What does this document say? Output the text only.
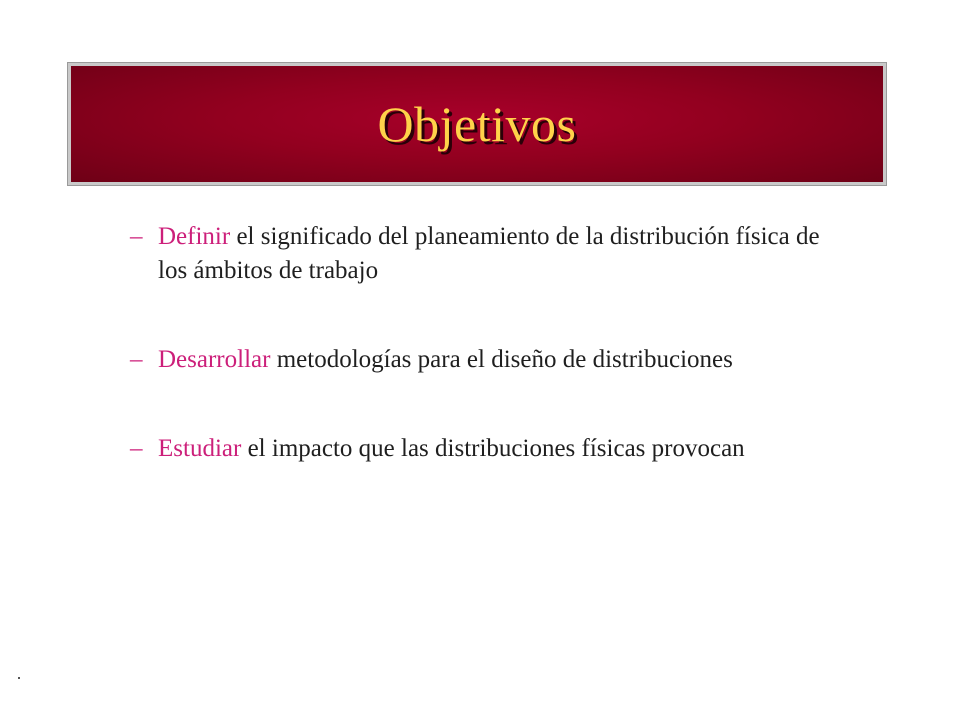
Objetivos
– Definir el significado del planeamiento de la distribución física de los ámbitos de trabajo
– Desarrollar metodologías para el diseño de distribuciones
– Estudiar el impacto que las distribuciones físicas provocan
